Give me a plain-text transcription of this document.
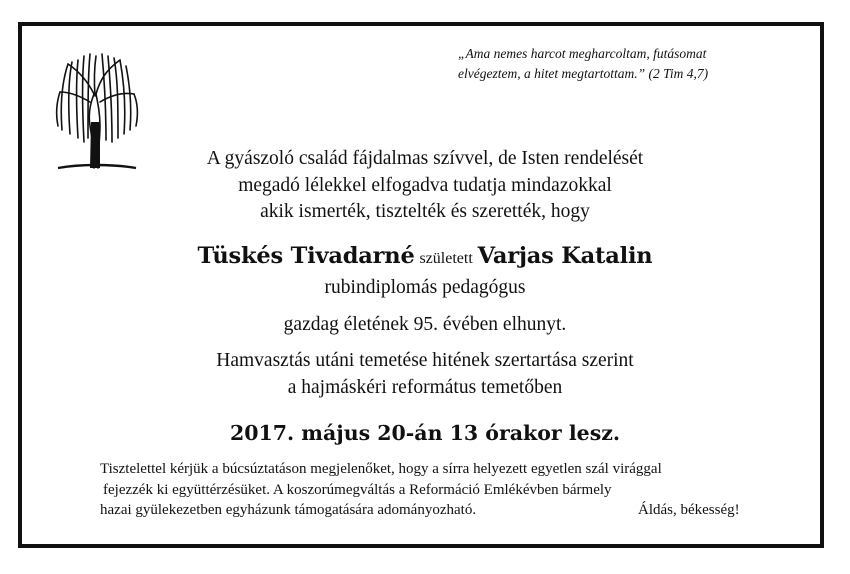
„Ama nemes harcot megharcoltam, futásomat
elvégeztem, a hitet megtartottam.” (2 Tim 4,7)
A gyászoló család fájdalmas szívvel, de Isten rendelését
megadó lélekkel elfogadva tudatja mindazokkal
akik ismerték, tisztelték és szerették, hogy
Tüskés Tivadarné született Varjas Katalin
rubindiplomás pedagógus
gazdag életének 95. évében elhunyt.
Hamvasztás utáni temetése hitének szertartása szerint
a hajmáskéri református temetőben
2017. május 20-án 13 órakor lesz.
Tisztelettel kérjük a búcsúztatáson megjelenőket, hogy a sírra helyezett egyetlen szál virággal
fejezzék ki együttérzésüket. A koszorúmegváltás a Reformáció Emlékévben bármely
hazai gyülekezetben egyházunk támogatására adományozható.	Áldás, békesség!
